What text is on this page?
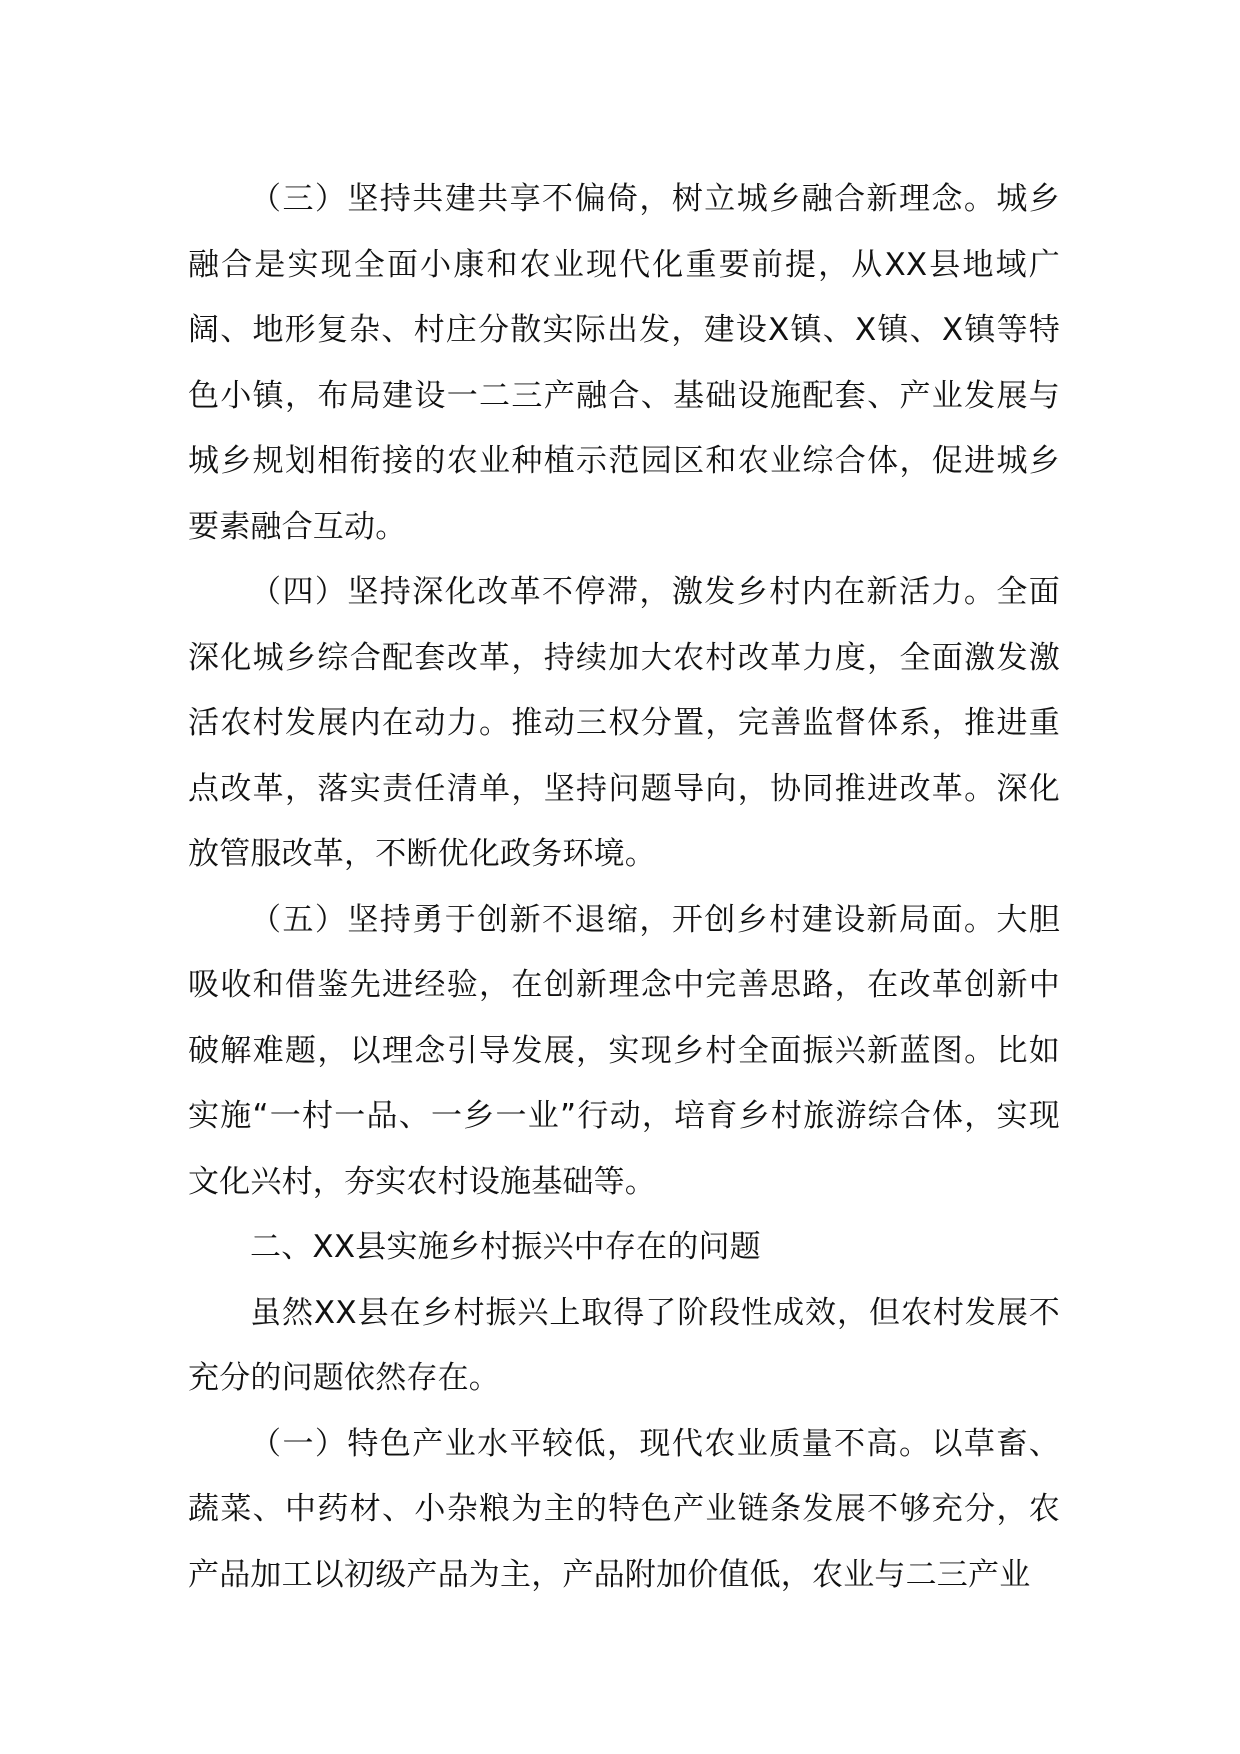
（三）坚持共建共享不偏倚，树立城乡融合新理念。城乡融合是实现全面小康和农业现代化重要前提，从XX县地域广阔、地形复杂、村庄分散实际出发，建设X镇、X镇、X镇等特色小镇，布局建设一二三产融合、基础设施配套、产业发展与城乡规划相衔接的农业种植示范园区和农业综合体，促进城乡要素融合互动。

（四）坚持深化改革不停滞，激发乡村内在新活力。全面深化城乡综合配套改革，持续加大农村改革力度，全面激发激活农村发展内在动力。推动三权分置，完善监督体系，推进重点改革，落实责任清单，坚持问题导向，协同推进改革。深化放管服改革，不断优化政务环境。

（五）坚持勇于创新不退缩，开创乡村建设新局面。大胆吸收和借鉴先进经验，在创新理念中完善思路，在改革创新中破解难题，以理念引导发展，实现乡村全面振兴新蓝图。比如实施“一村一品、一乡一业”行动，培育乡村旅游综合体，实现文化兴村，夯实农村设施基础等。

二、XX县实施乡村振兴中存在的问题

虽然XX县在乡村振兴上取得了阶段性成效，但农村发展不充分的问题依然存在。

（一）特色产业水平较低，现代农业质量不高。以草畜、蔬菜、中药材、小杂粮为主的特色产业链条发展不够充分，农产品加工以初级产品为主，产品附加价值低，农业与二三产业
